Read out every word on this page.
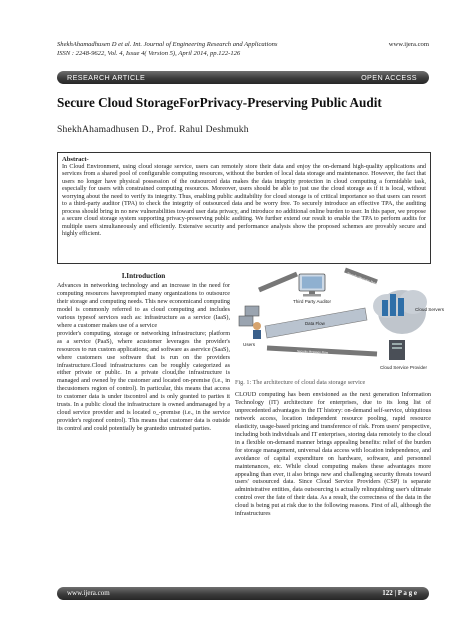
ShekhAhamadhusen D et al. Int. Journal of Engineering Research and Applications	www.ijera.com
ISSN : 2248-9622, Vol. 4, Issue 4( Version 5), April 2014, pp.122-126
RESEARCH ARTICLE	OPEN ACCESS
Secure Cloud StorageForPrivacy-Preserving Public Audit
ShekhAhamadhusen D., Prof. Rahul Deshmukh
Abstract-
In Cloud Environment, using cloud storage service, users can remotely store their data and enjoy the on-demand high-quality applications and services from a shared pool of configurable computing resources, without the burden of local data storage and maintenance. However, the fact that users no longer have physical possession of the outsourced data makes the data integrity protection in cloud computing a formidable task, especially for users with constrained computing resources. Moreover, users should be able to just use the cloud storage as if it is local, without worrying about the need to verify its integrity. Thus, enabling public auditability for cloud storage is of critical importance so that users can resort to a third-party auditor (TPA) to check the integrity of outsourced data and be worry free. To securely introduce an effective TPA, the auditing process should bring in no new vulnerabilities toward user data privacy, and introduce no additional online burden to user. In this paper, we propose a secure cloud storage system supporting privacy-preserving public auditing. We further extend our result to enable the TPA to perform audits for multiple users simultaneously and efficiently. Extensive security and performance analysis show the proposed schemes are provably secure and highly efficient.
I.Introduction
Advances in networking technology and an increase in the need for computing resources haveprompted many organizations to outsource their storage and computing needs. This new economicand computing model is commonly referred to as cloud computing and includes various typesof services such as: infrastructure as a service (IaaS), where a customer makes use of a service
provider's computing, storage or networking infrastructure; platform as a service (PaaS), where acustomer leverages the provider's resources to run custom applications; and software as aservice (SaaS), where customers use software that is run on the providers infrastructure.Cloud infrastructures can be roughly categorized as either private or public. In a private cloud,the infrastructure is managed and owned by the customer and located on-premise (i.e., in thecustomers region of control). In particular, this means that access to customer data is under itscontrol and is only granted to parties it trusts. In a public cloud the infrastructure is owned andmanaged by a cloud service provider and is located o_-premise (i.e., in the service provider's regionof control). This means that customer data is outside its control and could potentially be grantedto untrusted parties.
Security Message Flow	Security Message Flow
Third Party Auditor
Cloud Servers
Users
Data Flow
Security Message Flow
Cloud Service Provider
Fig. 1: The architecture of cloud data storage service
CLOUD computing has been envisioned as the next generation Information Technology (IT) architecture for enterprises, due to its long list of unprecedented advantages in the IT history: on-demand self-service, ubiquitous network access, location independent resource pooling, rapid resource elasticity, usage-based pricing and transference of risk. From users' perspective, including both individuals and IT enterprises, storing data remotely to the cloud in a flexible on-demand manner brings appealing benefits: relief of the burden for storage management, universal data access with location independence, and avoidance of capital expenditure on hardware, software, and personnel maintenances, etc. While cloud computing makes these advantages more appealing than ever, it also brings new and challenging security threats toward users' outsourced data. Since Cloud Service Providers (CSP) is separate administrative entities, data outsourcing is actually relinquishing user's ultimate control over the fate of their data. As a result, the correctness of the data in the cloud is being put at risk due to the following reasons. First of all, although the infrastructures
www.ijera.com	122 | P a g e
